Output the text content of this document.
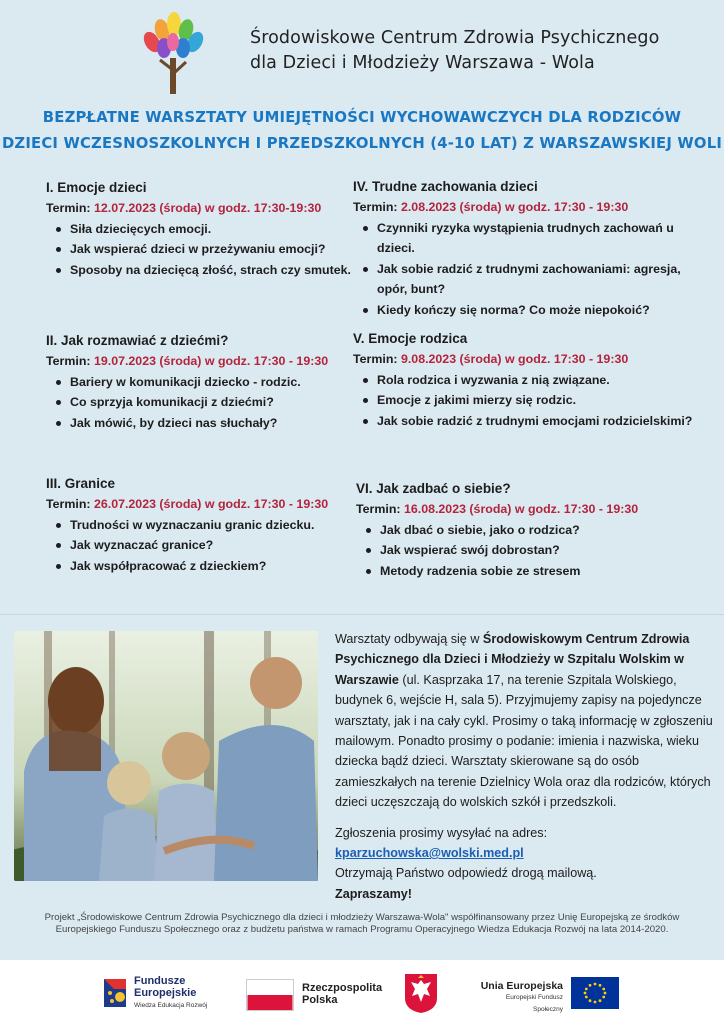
Środowiskowe Centrum Zdrowia Psychicznego
dla Dzieci i Młodzieży Warszawa - Wola
BEZPŁATNE WARSZTATY UMIEJĘTNOŚCI WYCHOWAWCZYCH DLA RODZICÓW
DZIECI WCZESNOSZKOLNYCH I PRZEDSZKOLNYCH (4-10 LAT) Z WARSZAWSKIEJ WOLI
I. Emocje dzieci
Termin: 12.07.2023 (środa) w godz. 17:30-19:30
Siła dziecięcych emocji.
Jak wspierać dzieci w przeżywaniu emocji?
Sposoby na dziecięcą złość, strach czy smutek.
II. Jak rozmawiać z dziećmi?
Termin: 19.07.2023 (środa) w godz. 17:30 - 19:30
Bariery w komunikacji dziecko - rodzic.
Co sprzyja komunikacji z dziećmi?
Jak mówić, by dzieci nas słuchały?
III. Granice
Termin: 26.07.2023 (środa) w godz. 17:30 - 19:30
Trudności w wyznaczaniu granic dziecku.
Jak wyznaczać granice?
Jak współpracować z dzieckiem?
IV. Trudne zachowania dzieci
Termin: 2.08.2023 (środa) w godz. 17:30 - 19:30
Czynniki ryzyka wystąpienia trudnych zachowań u dzieci.
Jak sobie radzić z trudnymi zachowaniami: agresja, opór, bunt?
Kiedy kończy się norma? Co może niepokoić?
V. Emocje rodzica
Termin: 9.08.2023 (środa) w godz. 17:30 - 19:30
Rola rodzica i wyzwania z nią związane.
Emocje z jakimi mierzy się rodzic.
Jak sobie radzić z trudnymi emocjami rodzicielskimi?
VI. Jak zadbać o siebie?
Termin: 16.08.2023 (środa) w godz. 17:30 - 19:30
Jak dbać o siebie, jako o rodzica?
Jak wspierać swój dobrostan?
Metody radzenia sobie ze stresem

Warsztaty odbywają się w Środowiskowym Centrum Zdrowia Psychicznego dla Dzieci i Młodzieży w Szpitalu Wolskim w Warszawie (ul. Kasprzaka 17, na terenie Szpitala Wolskiego, budynek 6, wejście H, sala 5). Przyjmujemy zapisy na pojedyncze warsztaty, jak i na cały cykl. Prosimy o taką informację w zgłoszeniu mailowym. Ponadto prosimy o podanie: imienia i nazwiska, wieku dziecka bądź dzieci. Warsztaty skierowane są do osób zamieszkałych na terenie Dzielnicy Wola oraz dla rodziców, których dzieci uczęszczają do wolskich szkół i przedszkoli.

Zgłoszenia prosimy wysyłać na adres:
kparzuchowska@wolski.med.pl
Otrzymają Państwo odpowiedź drogą mailową.
Zapraszamy!
Projekt „Środowiskowe Centrum Zdrowia Psychicznego dla dzieci i młodzieży Warszawa-Wola" współfinansowany przez Unię Europejską ze środków Europejskiego Funduszu Społecznego oraz z budżetu państwa w ramach Programu Operacyjnego Wiedza Edukacja Rozwój na lata 2014-2020.
Fundusze
Europejskie
Wiedza Edukacja Rozwój
Rzeczpospolita
Polska
Unia Europejska
Europejski Fundusz Społeczny
